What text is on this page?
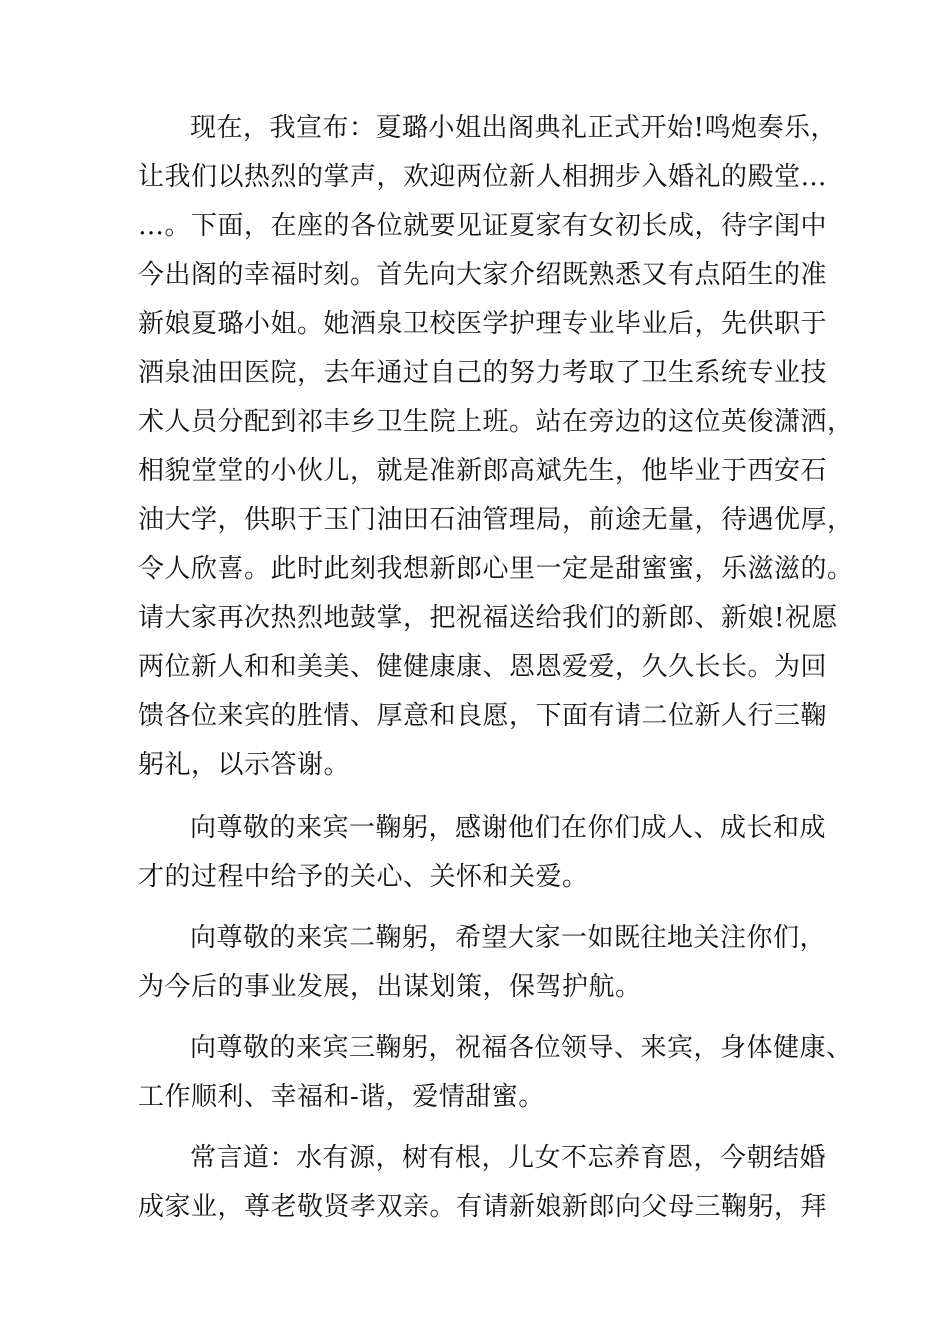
现在，我宣布：夏璐小姐出阁典礼正式开始!鸣炮奏乐，
让我们以热烈的掌声，欢迎两位新人相拥步入婚礼的殿堂…
…。下面，在座的各位就要见证夏家有女初长成，待字闺中
今出阁的幸福时刻。首先向大家介绍既熟悉又有点陌生的准
新娘夏璐小姐。她酒泉卫校医学护理专业毕业后，先供职于
酒泉油田医院，去年通过自己的努力考取了卫生系统专业技
术人员分配到祁丰乡卫生院上班。站在旁边的这位英俊潇洒，
相貌堂堂的小伙儿，就是准新郎高斌先生，他毕业于西安石
油大学，供职于玉门油田石油管理局，前途无量，待遇优厚，
令人欣喜。此时此刻我想新郎心里一定是甜蜜蜜，乐滋滋的。
请大家再次热烈地鼓掌，把祝福送给我们的新郎、新娘!祝愿
两位新人和和美美、健健康康、恩恩爱爱，久久长长。为回
馈各位来宾的胜情、厚意和良愿，下面有请二位新人行三鞠
躬礼，以示答谢。
向尊敬的来宾一鞠躬，感谢他们在你们成人、成长和成
才的过程中给予的关心、关怀和关爱。
向尊敬的来宾二鞠躬，希望大家一如既往地关注你们，
为今后的事业发展，出谋划策，保驾护航。
向尊敬的来宾三鞠躬，祝福各位领导、来宾，身体健康、
工作顺利、幸福和-谐，爱情甜蜜。
常言道：水有源，树有根，儿女不忘养育恩，今朝结婚
成家业，尊老敬贤孝双亲。有请新娘新郎向父母三鞠躬，拜
